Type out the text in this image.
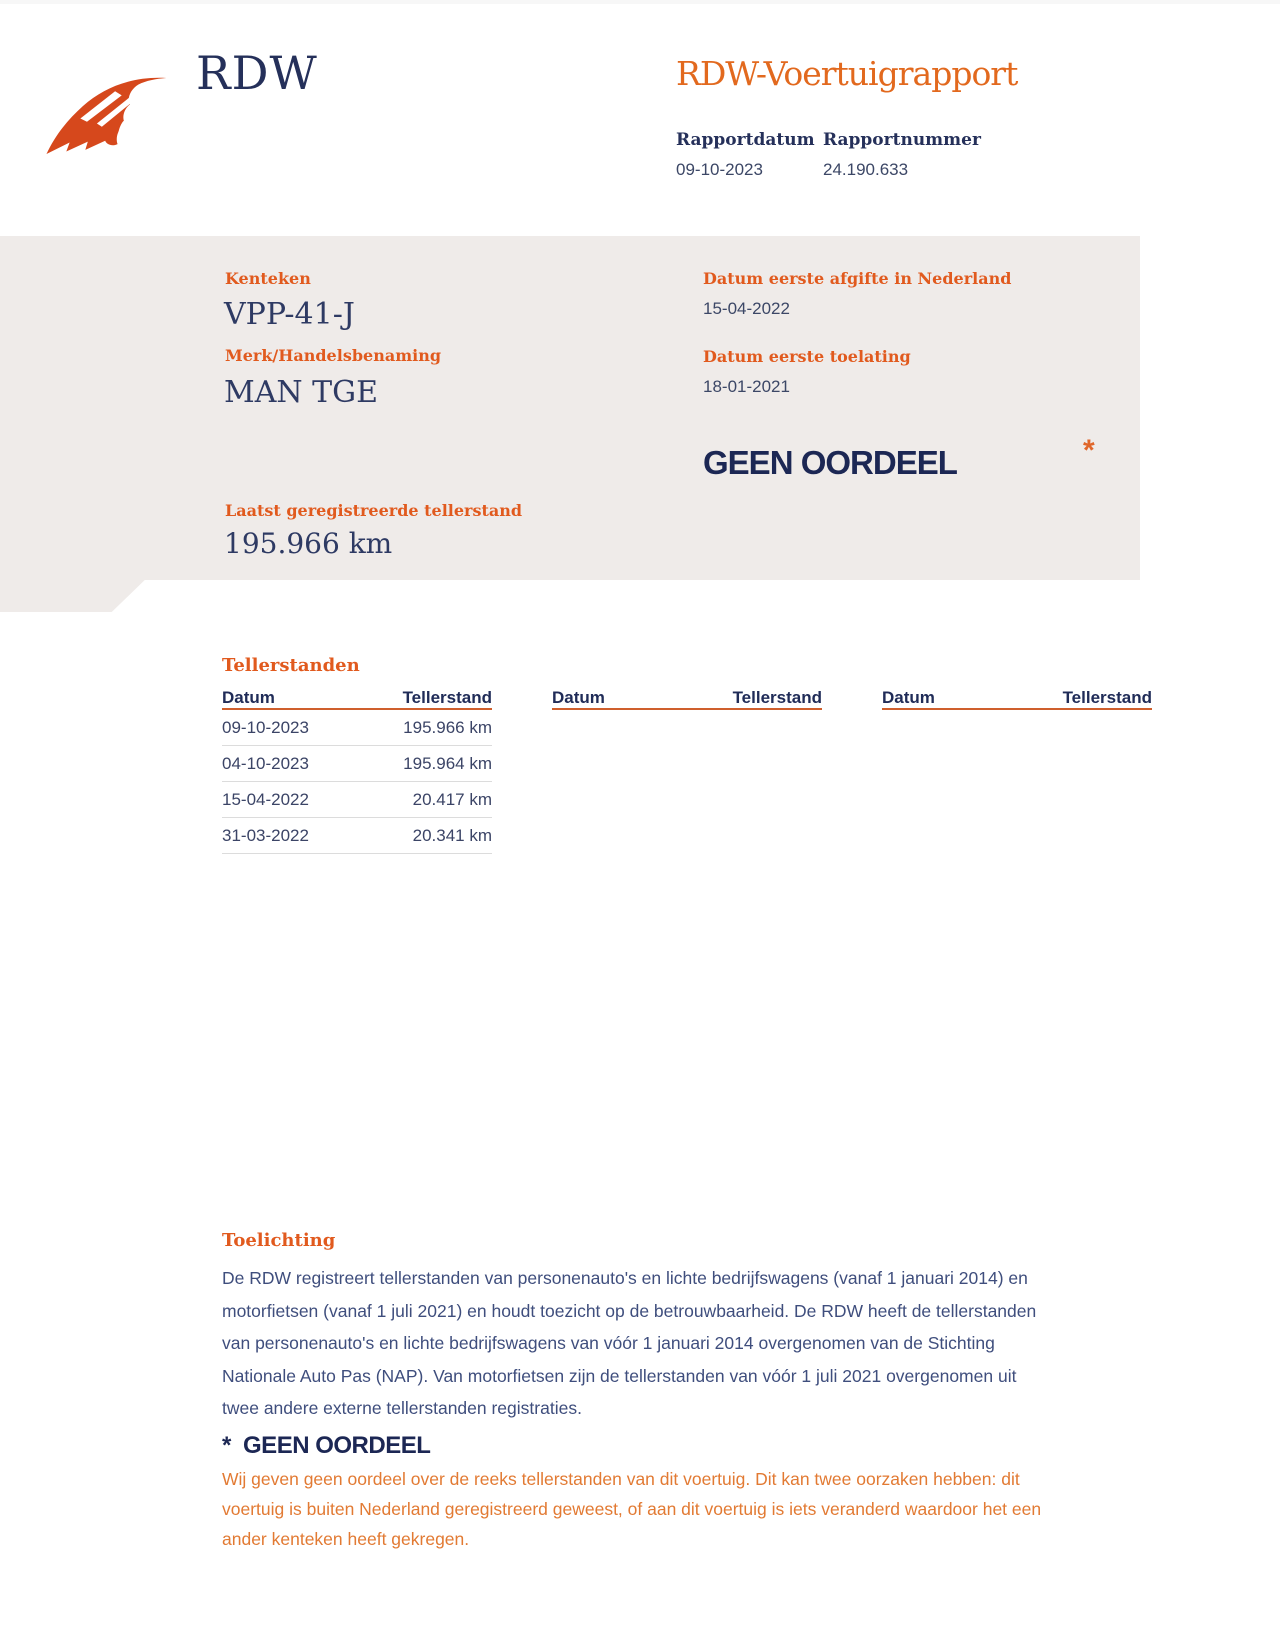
RDW	RDW-Voertuigrapport
Rapportdatum Rapportnummer
09-10-2023	24.190.633
Kenteken
VPP-41-J
Merk/Handelsbenaming
MAN TGE
Datum eerste afgifte in Nederland
15-04-2022
Datum eerste toelating
18-01-2021
GEEN OORDEEL	*
Laatst geregistreerde tellerstand
195.966 km
Tellerstanden
Datum	Tellerstand
09-10-2023	195.966 km
04-10-2023	195.964 km
15-04-2022	20.417 km
31-03-2022	20.341 km
Datum	Tellerstand	Datum	Tellerstand
Toelichting
De RDW registreert tellerstanden van personenauto's en lichte bedrijfswagens (vanaf 1 januari 2014) en
motorfietsen (vanaf 1 juli 2021) en houdt toezicht op de betrouwbaarheid. De RDW heeft de tellerstanden
van personenauto's en lichte bedrijfswagens van vóór 1 januari 2014 overgenomen van de Stichting
Nationale Auto Pas (NAP). Van motorfietsen zijn de tellerstanden van vóór 1 juli 2021 overgenomen uit
twee andere externe tellerstanden registraties.
* GEEN OORDEEL
Wij geven geen oordeel over de reeks tellerstanden van dit voertuig. Dit kan twee oorzaken hebben: dit
voertuig is buiten Nederland geregistreerd geweest, of aan dit voertuig is iets veranderd waardoor het een
ander kenteken heeft gekregen.
